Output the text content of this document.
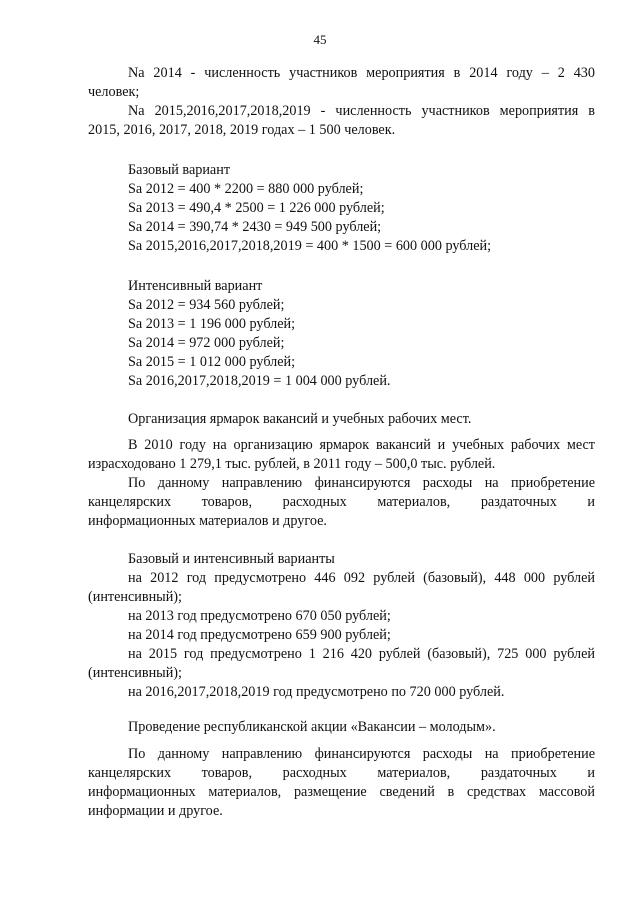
45
Na 2014 - численность участников мероприятия в 2014 году – 2 430
человек;
Na 2015,2016,2017,2018,2019 - численность участников мероприятия в
2015, 2016, 2017, 2018, 2019 годах – 1 500 человек.
Базовый вариант
Sa 2012 = 400 * 2200 = 880 000 рублей;
Sa 2013 = 490,4 * 2500 = 1 226 000 рублей;
Sa 2014 = 390,74 * 2430 = 949 500 рублей;
Sa 2015,2016,2017,2018,2019 = 400 * 1500 = 600 000 рублей;
Интенсивный вариант
Sa 2012 = 934 560 рублей;
Sa 2013 = 1 196 000 рублей;
Sa 2014 = 972 000 рублей;
Sa 2015 = 1 012 000 рублей;
Sa 2016,2017,2018,2019 = 1 004 000 рублей.
Организация ярмарок вакансий и учебных рабочих мест.
В 2010 году на организацию ярмарок вакансий и учебных рабочих мест
израсходовано 1 279,1 тыс. рублей, в 2011 году – 500,0 тыс. рублей.
По данному направлению финансируются расходы на приобретение
канцелярских товаров, расходных материалов, раздаточных и
информационных материалов и другое.
Базовый и интенсивный варианты
на 2012 год предусмотрено 446 092 рублей (базовый), 448 000 рублей
(интенсивный);
на 2013 год предусмотрено 670 050 рублей;
на 2014 год предусмотрено 659 900 рублей;
на 2015 год предусмотрено 1 216 420 рублей (базовый), 725 000 рублей
(интенсивный);
на 2016,2017,2018,2019 год предусмотрено по 720 000 рублей.
Проведение республиканской акции «Вакансии – молодым».
По данному направлению финансируются расходы на приобретение
канцелярских товаров, расходных материалов, раздаточных и
информационных материалов, размещение сведений в средствах массовой
информации и другое.
